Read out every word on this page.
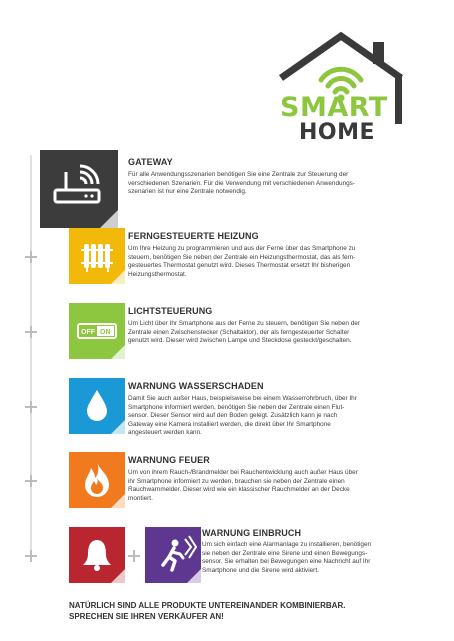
SMART
HOME
GATEWAY
Für alle Anwendungsszenarien benötigen Sie eine Zentrale zur Steuerung der
verschiedenen Szenarien. Für die Verwendung mit verschiedenen Anwendungs-
szenarien ist nur eine Zentrale notwendig.
FERNGESTEUERTE HEIZUNG
Um Ihre Heizung zu programmieren und aus der Ferne über das Smartphone zu
steuern, benötigen Sie neben der Zentrale ein Heizungsthermostat, das als fern-
gesteuertes Thermostat genutzt wird. Dieses Thermostat ersetzt Ihr bisherigen
Heizungsthermostat.
OFF ON
LICHTSTEUERUNG
Um Licht über Ihr Smartphone aus der Ferne zu steuern, benötigen Sie neben der
Zentrale einen Zwischenstecker (Schaltaktor), der als ferngesteuerter Schalter
genutzt wird. Dieser wird zwischen Lampe und Steckdose gesteckt/geschalten.
WARNUNG WASSERSCHADEN
Damit Sie auch außer Haus, beispielsweise bei einem Wasserrohrbruch, über Ihr
Smartphone informiert werden, benötigen Sie neben der Zentrale einen Flut-
sensor. Dieser Sensor wird auf den Boden gelegt. Zusätzlich kann je nach
Gateway eine Kamera installiert werden, die direkt über Ihr Smartphone
angesteuert werden kann.
WARNUNG FEUER
Um von ihrem Rauch-/Brandmelder bei Rauchentwicklung auch außer Haus über
ihr Smartphone informiert zu werden, brauchen sie neben der Zentrale einen
Rauchwarnmelder. Dieser wird wie ein klassischer Rauchmelder an der Decke
montiert.
WARNUNG EINBRUCH
Um sich einfach eine Alarmanlage zu installieren, benötigen
sie neben der Zentrale eine Sirene und einen Bewegungs-
sensor. Sie erhalten bei Bewegungen eine Nachricht auf Ihr
Smartphone und die Sirene wird aktiviert.
NATÜRLICH SIND ALLE PRODUKTE UNTEREINANDER KOMBINIERBAR.
SPRECHEN SIE IHREN VERKÄUFER AN!
